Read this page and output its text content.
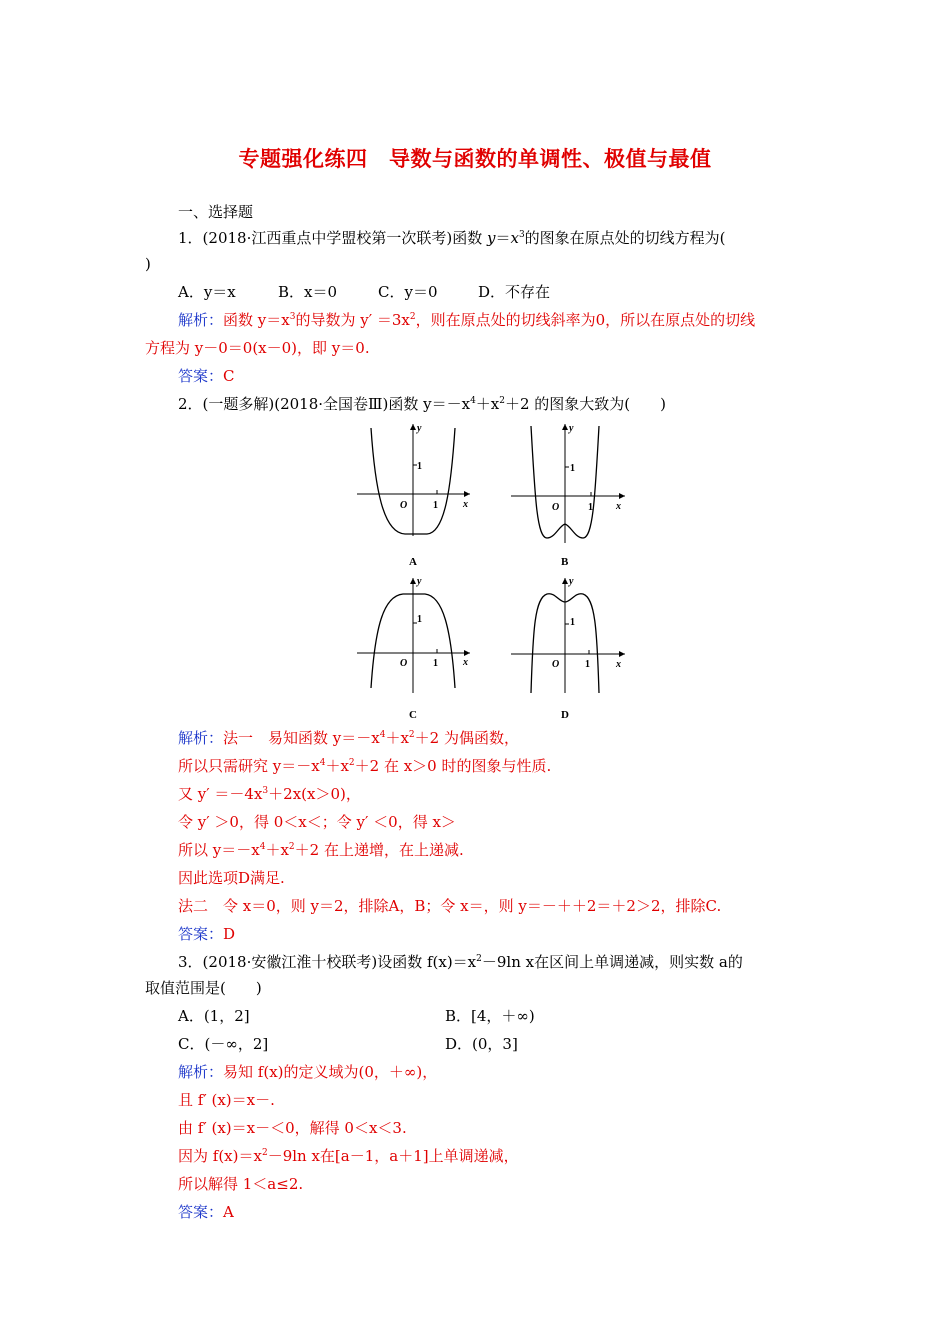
专题强化练四　导数与函数的单调性、极值与最值
一、选择题
1．(2018·江西重点中学盟校第一次联考)函数 $y=x^3$的图象在原点处的切线方程为(
)
A．y＝x	B．x＝0	C．y＝0	D．不存在
解析：函数 $y=x^3$的导数为 $y' =3x^2$，则在原点处的切线斜率为0，所以在原点处的切线
方程为 y－0＝0(x－0)，即 y＝0.
答案：C
2．(一题多解)(2018·全国卷Ⅲ)函数 $y=-x^4+x^2+2$ 的图象大致为(　　)
y
x
1
1
O
A
y
x
1
1
O
B
y
x
1
1
O
C
y
x
1
1
O
D
解析：法一　易知函数 $y=-x^4+x^2+2$ 为偶函数，
所以只需研究 $y=-x^4+x^2+2$ 在 x＞0 时的图象与性质.
又 $y' =-4x^3+2x(x>0)$，
令 y′ ＞0，得 0＜x＜；令 y′ ＜0，得 x＞
所以 $y=-x^4+x^2+2$ 在上递增，在上递减.
因此选项D满足.
法二　令 x＝0，则 y＝2，排除A，B；令 x＝，则 y＝－＋＋2＝＋2＞2，排除C.
答案：D
3．(2018·安徽江淮十校联考)设函数 $f(x)=x^2-9\ln$ x在区间上单调递减，则实数 a的
取值范围是(　　)
A．(1，2]	B．[4，＋∞)
C．(－∞，2]	D．(0，3]
解析：易知 f(x)的定义域为(0，＋∞)，
且 f′ (x)＝x－.
由 f′ (x)＝x－＜0，解得 0＜x＜3.
因为 $f(x)=x^2-9\ln$ x在[a－1，a＋1]上单调递减，
所以解得 1＜a≤2.
答案：A
